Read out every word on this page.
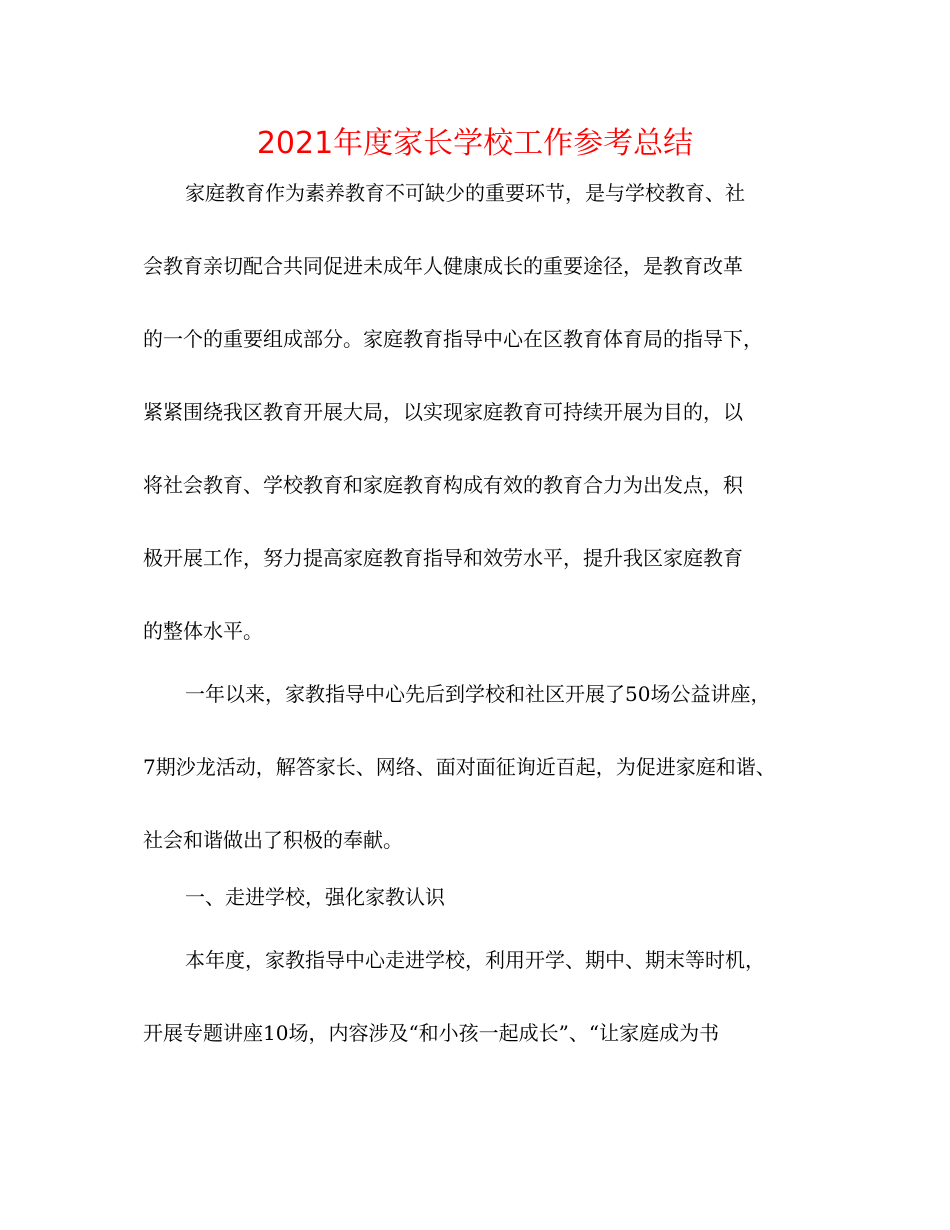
2021年度家长学校工作参考总结
家庭教育作为素养教育不可缺少的重要环节，是与学校教育、社
会教育亲切配合共同促进未成年人健康成长的重要途径，是教育改革
的一个的重要组成部分。家庭教育指导中心在区教育体育局的指导下，
紧紧围绕我区教育开展大局，以实现家庭教育可持续开展为目的，以
将社会教育、学校教育和家庭教育构成有效的教育合力为出发点，积
极开展工作，努力提高家庭教育指导和效劳水平，提升我区家庭教育
的整体水平。
一年以来，家教指导中心先后到学校和社区开展了50场公益讲座，
7期沙龙活动，解答家长、网络、面对面征询近百起，为促进家庭和谐、
社会和谐做出了积极的奉献。
一、走进学校，强化家教认识
本年度，家教指导中心走进学校，利用开学、期中、期末等时机，
开展专题讲座10场，内容涉及“和小孩一起成长”、“让家庭成为书
